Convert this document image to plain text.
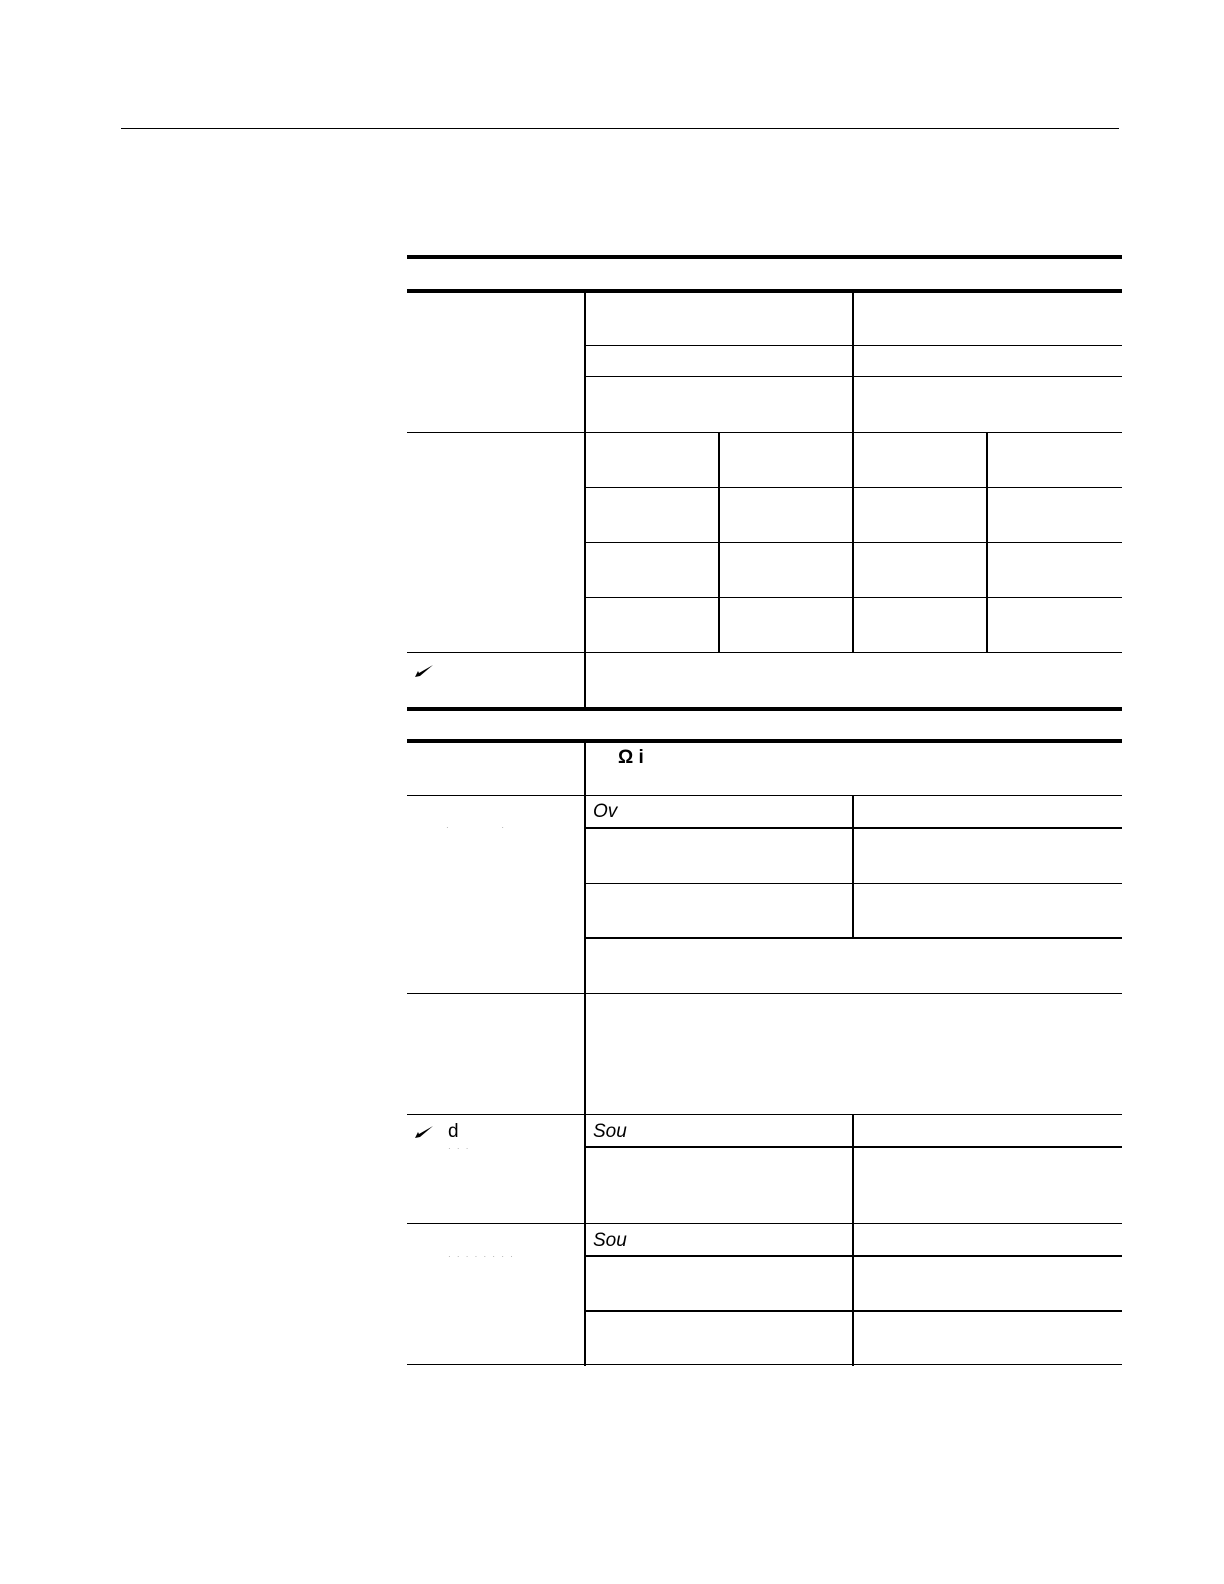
Ω i
·            ·
Ov
d
· · ·
Sou
· · · · · · · ·
Sou
